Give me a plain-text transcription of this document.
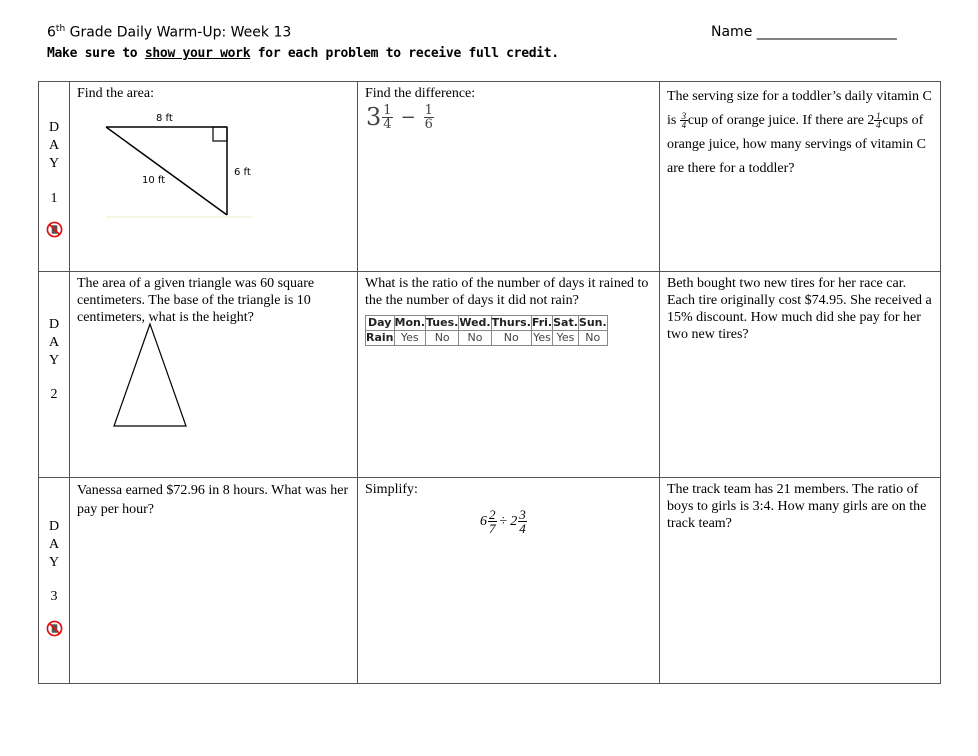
6th Grade Daily Warm-Up: Week 13	Name ____________________
Make sure to show your work for each problem to receive full credit.
D
A
Y
1

Find the area:
8 ft
6 ft
10 ft

Find the difference:
3 1
$4 - \frac{1}{6}$

The serving size for a toddler’s daily vitamin C is $\frac{3}{4}$ cup of orange juice. If there are $2 \frac{1}{4}$ cups of orange juice, how many servings of vitamin C are there for a toddler?

D
A
Y
2

The area of a given triangle was 60 square centimeters. The base of the triangle is 10 centimeters, what is the height?

What is the ratio of the number of days it rained to the the number of days it did not rain?
Day	Mon.	Tues.	Wed.	Thurs.	Fri.	Sat.	Sun.
Rain	Yes	No	No	No	Yes	Yes	No

Beth bought two new tires for her race car. Each tire originally cost $74.95. She received a 15% discount. How much did she pay for her two new tires?

D
A
Y
3

Vanessa earned $72.96 in 8 hours. What was her pay per hour?

Simplify:
$6 \frac{2}{7} \div 2$ 3
4

The track team has 21 members. The ratio of boys to girls is 3:4. How many girls are on the track team?
